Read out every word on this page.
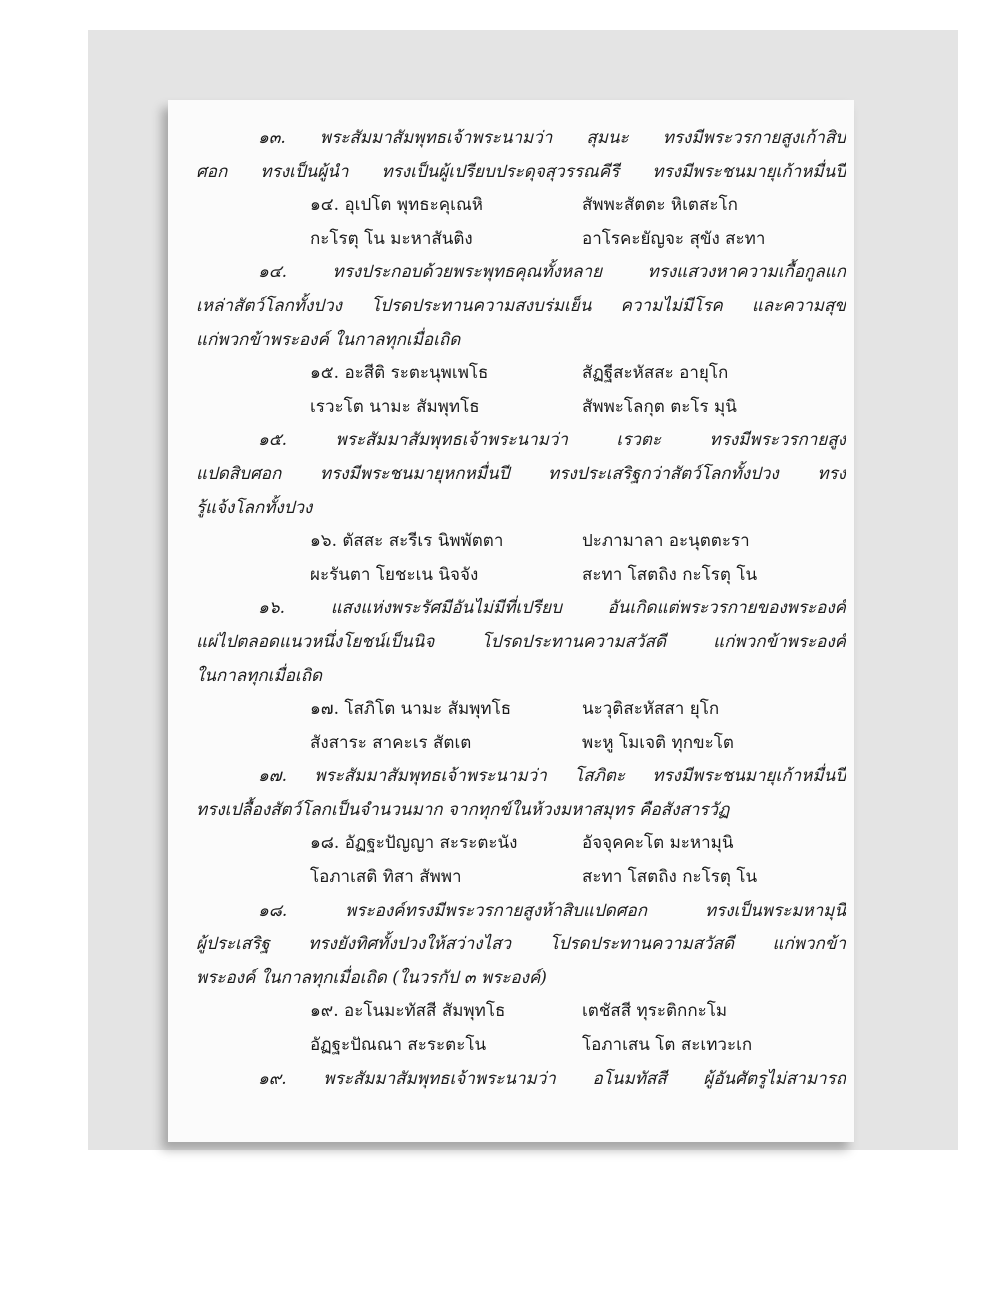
๑๓. พระสัมมาสัมพุทธเจ้าพระนามว่า สุมนะ ทรงมีพระวรกายสูงเก้าสิบ
ศอก ทรงเป็นผู้นำ ทรงเป็นผู้เปรียบประดุจสุวรรณคีรี ทรงมีพระชนมายุเก้าหมื่นปี
๑๔. อุเปโต พุทธะคุเณหิ	สัพพะสัตตะ หิเตสะโก
กะโรตุ โน มะหาสันติง	อาโรคะยัญจะ สุขัง สะทา
๑๔. ทรงประกอบด้วยพระพุทธคุณทั้งหลาย ทรงแสวงหาความเกื้อกูลแก่
เหล่าสัตว์โลกทั้งปวง โปรดประทานความสงบร่มเย็น ความไม่มีโรค และความสุข
แก่พวกข้าพระองค์ ในกาลทุกเมื่อเถิด
๑๕. อะสีติ ระตะนุพเพโธ	สัฏฐีสะหัสสะ อายุโก
เรวะโต นามะ สัมพุทโธ	สัพพะโลกุต ตะโร มุนิ
๑๕. พระสัมมาสัมพุทธเจ้าพระนามว่า เรวตะ ทรงมีพระวรกายสูง
แปดสิบศอก ทรงมีพระชนมายุหกหมื่นปี ทรงประเสริฐกว่าสัตว์โลกทั้งปวง ทรง
รู้แจ้งโลกทั้งปวง
๑๖. ตัสสะ สะรีเร นิพพัตตา	ปะภามาลา อะนุตตะรา
ผะรันตา โยชะเน นิจจัง	สะทา โสตถิง กะโรตุ โน
๑๖. แสงแห่งพระรัศมีอันไม่มีที่เปรียบ อันเกิดแต่พระวรกายของพระองค์
แผ่ไปตลอดแนวหนึ่งโยชน์เป็นนิจ โปรดประทานความสวัสดี แก่พวกข้าพระองค์
ในกาลทุกเมื่อเถิด
๑๗. โสภิโต นามะ สัมพุทโธ	นะวุติสะหัสสา ยุโก
สังสาระ สาคะเร สัตเต	พะหู โมเจติ ทุกขะโต
๑๗. พระสัมมาสัมพุทธเจ้าพระนามว่า โสภิตะ ทรงมีพระชนมายุเก้าหมื่นปี
ทรงเปลื้องสัตว์โลกเป็นจำนวนมาก จากทุกข์ในห้วงมหาสมุทร คือสังสารวัฏ
๑๘. อัฏฐะปัญญา สะระตะนัง	อัจจุคคะโต มะหามุนิ
โอภาเสติ ทิสา สัพพา	สะทา โสตถิง กะโรตุ โน
๑๘. พระองค์ทรงมีพระวรกายสูงห้าสิบแปดศอก ทรงเป็นพระมหามุนี
ผู้ประเสริฐ ทรงยังทิศทั้งปวงให้สว่างไสว โปรดประทานความสวัสดี แก่พวกข้า
พระองค์ ในกาลทุกเมื่อเถิด (ในวรกัป ๓ พระองค์)
๑๙. อะโนมะทัสสี สัมพุทโธ	เตชัสสี ทุระติกกะโม
อัฏฐะปัณณา สะระตะโน	โอภาเสน โต สะเทวะเก
๑๙. พระสัมมาสัมพุทธเจ้าพระนามว่า อโนมทัสสี ผู้อันศัตรูไม่สามารถ
